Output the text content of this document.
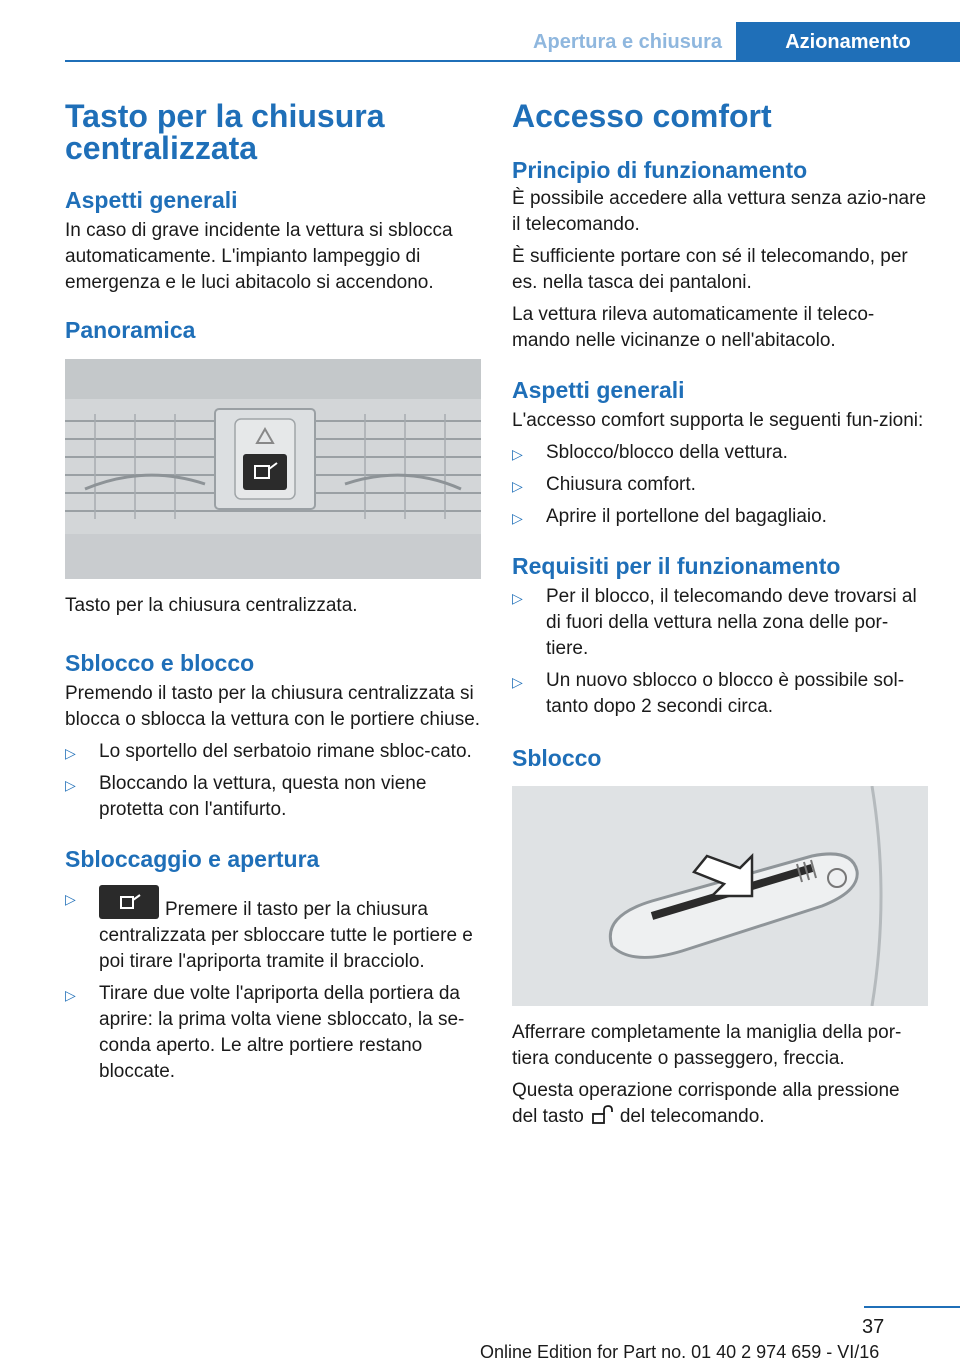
Apertura e chiusura	Azionamento
Tasto per la chiusura centralizzata
Aspetti generali

In caso di grave incidente la vettura si sblocca automaticamente. L'impianto lampeggio di emergenza e le luci abitacolo si accendono.

Panoramica

Tasto per la chiusura centralizzata.

Sblocco e blocco

Premendo il tasto per la chiusura centralizzata si blocca o sblocca la vettura con le portiere chiuse.

▷ Lo sportello del serbatoio rimane sbloc-cato.
▷ Bloccando la vettura, questa non viene protetta con l'antifurto.
Sbloccaggio e apertura
▷	Premere il tasto per la chiusura centralizzata per sbloccare tutte le portiere e poi tirare l'apriporta tramite il bracciolo.
▷ Tirare due volte l'apriporta della portiera da aprire: la prima volta viene sbloccato, la se-conda aperto. Le altre portiere restano bloccate.
Accesso comfort
Principio di funzionamento

È possibile accedere alla vettura senza azio-nare il telecomando.

È sufficiente portare con sé il telecomando, per es. nella tasca dei pantaloni.

La vettura rileva automaticamente il teleco-mando nelle vicinanze o nell'abitacolo.

Aspetti generali

L'accesso comfort supporta le seguenti fun-zioni:

▷ Sblocco/blocco della vettura.
▷ Chiusura comfort.
▷ Aprire il portellone del bagagliaio.
Requisiti per il funzionamento
▷ Per il blocco, il telecomando deve trovarsi al di fuori della vettura nella zona delle por-tiere.
▷ Un nuovo sblocco o blocco è possibile sol-tanto dopo 2 secondi circa.
Sblocco

Afferrare completamente la maniglia della por-tiera conducente o passeggero, freccia.

Questa operazione corrisponde alla pressione del tasto del telecomando.

37
Online Edition for Part no. 01 40 2 974 659 - VI/16
